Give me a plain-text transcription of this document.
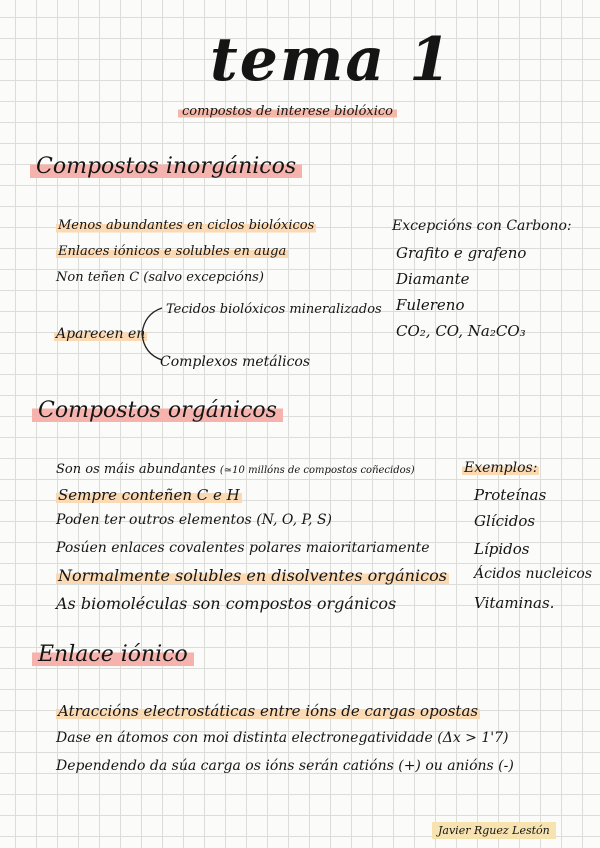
tema 1
compostos de interese biolóxico
Compostos inorgánicos
Menos abundantes en ciclos biolóxicos
Enlaces iónicos e solubles en auga
Non teñen C (salvo excepcións)
Aparecen en
Tecidos biolóxicos mineralizados
Complexos metálicos
Excepcións con Carbono:
Grafito e grafeno
Diamante
Fulereno
CO₂, CO, Na₂CO₃
Compostos orgánicos
Son os máis abundantes (≃10 millóns de compostos coñecidos)
Sempre conteñen C e H
Poden ter outros elementos (N, O, P, S)
Posúen enlaces covalentes polares maioritariamente
Normalmente solubles en disolventes orgánicos
As biomoléculas son compostos orgánicos
Exemplos:
Proteínas
Glícidos
Lípidos
Ácidos nucleicos
Vitaminas.
Enlace iónico
Atraccións electrostáticas entre ións de cargas opostas
Dase en átomos con moi distinta electronegatividade (Δx > 1'7)
Dependendo da súa carga os ións serán catións (+) ou anións (-)
Javier Rguez Lestón
